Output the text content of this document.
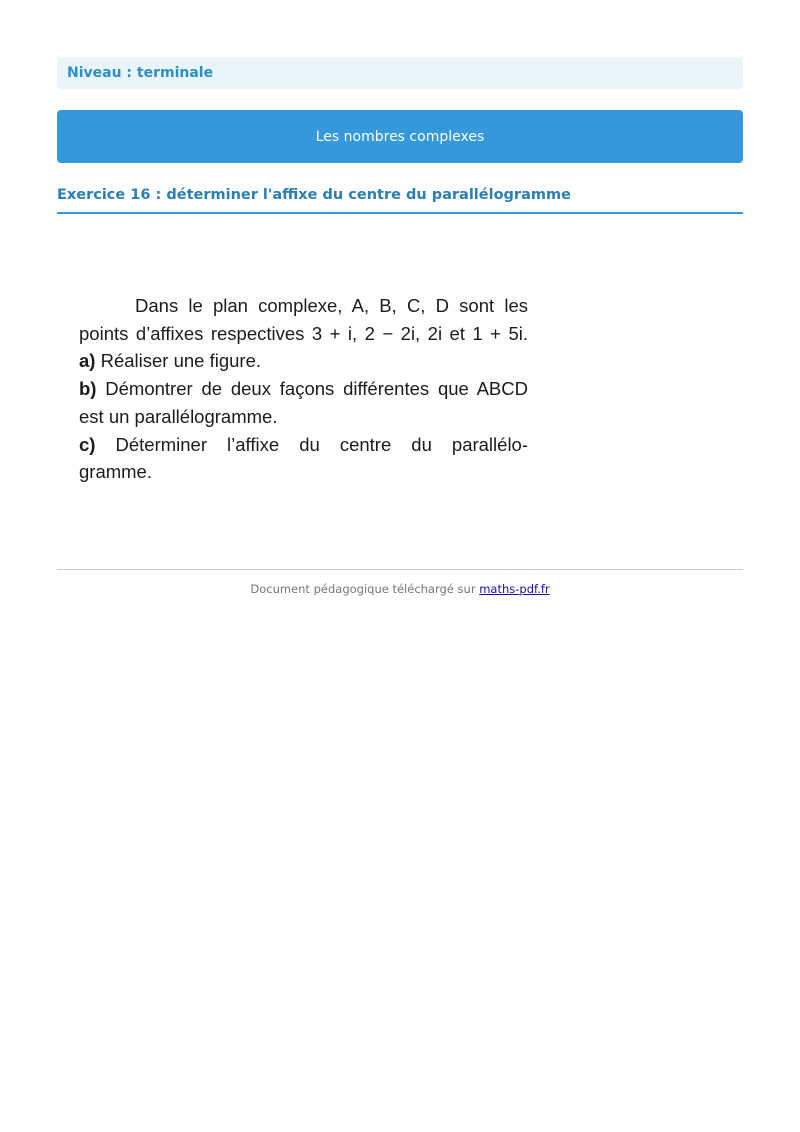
Niveau : terminale
Les nombres complexes
Exercice 16 : déterminer l'affixe du centre du parallélogramme

Dans le plan complexe, A, B, C, D sont les

points d’affixes respectives 3 + i, 2 − 2i, 2i et 1 + 5i.

a) Réaliser une figure.

b) Démontrer de deux façons différentes que ABCD

est un parallélogramme.

c) Déterminer l’affixe du centre du parallélo-

gramme.

Document pédagogique téléchargé sur maths-pdf.fr
